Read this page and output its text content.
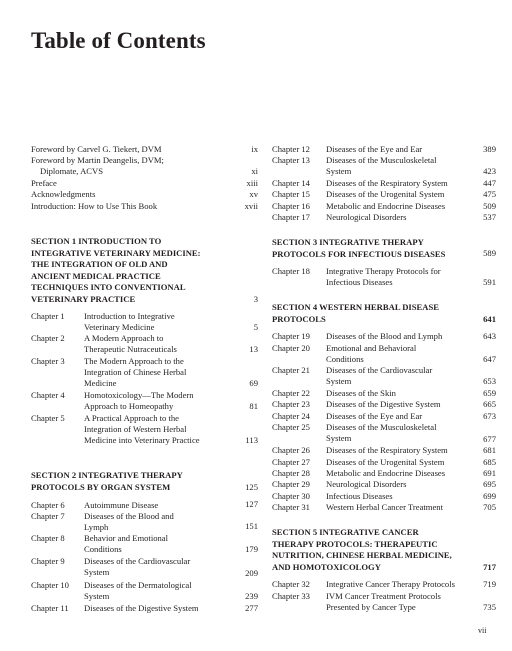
Table of Contents
Foreword by Carvel G. Tiekert, DVM	ix
Foreword by Martin Deangelis, DVM;
Diplomate, ACVS	xi
Preface	xiii
Acknowledgments	xv
Introduction: How to Use This Book	xvii
SECTION 1 INTRODUCTION TO
INTEGRATIVE VETERINARY MEDICINE:
THE INTEGRATION OF OLD AND
ANCIENT MEDICAL PRACTICE
TECHNIQUES INTO CONVENTIONAL
VETERINARY PRACTICE	3
Chapter 1 Introduction to Integrative
Veterinary Medicine	5
Chapter 2 A Modern Approach to
Therapeutic Nutraceuticals	13
Chapter 3 The Modern Approach to the
Integration of Chinese Herbal
Medicine	69
Chapter 4 Homotoxicology—The Modern
Approach to Homeopathy	81
Chapter 5 A Practical Approach to the
Integration of Western Herbal
Medicine into Veterinary Practice	113
SECTION 2 INTEGRATIVE THERAPY
PROTOCOLS BY ORGAN SYSTEM	125
Chapter 6 Autoimmune Disease	127
Chapter 7 Diseases of the Blood and
Lymph	151
Chapter 8 Behavior and Emotional
Conditions	179
Chapter 9 Diseases of the Cardiovascular
System	209
Chapter 10 Diseases of the Dermatological
System	239
Chapter 11 Diseases of the Digestive System	277
Chapter 12 Diseases of the Eye and Ear	389
Chapter 13 Diseases of the Musculoskeletal
System	423
Chapter 14 Diseases of the Respiratory System	447
Chapter 15 Diseases of the Urogenital System	475
Chapter 16 Metabolic and Endocrine Diseases	509
Chapter 17 Neurological Disorders	537
SECTION 3 INTEGRATIVE THERAPY
PROTOCOLS FOR INFECTIOUS DISEASES	589
Chapter 18 Integrative Therapy Protocols for
Infectious Diseases	591
SECTION 4 WESTERN HERBAL DISEASE
PROTOCOLS	641
Chapter 19 Diseases of the Blood and Lymph	643
Chapter 20 Emotional and Behavioral
Conditions	647
Chapter 21 Diseases of the Cardiovascular
System	653
Chapter 22 Diseases of the Skin	659
Chapter 23 Diseases of the Digestive System	665
Chapter 24 Diseases of the Eye and Ear	673
Chapter 25 Diseases of the Musculoskeletal
System	677
Chapter 26 Diseases of the Respiratory System	681
Chapter 27 Diseases of the Urogenital System	685
Chapter 28 Metabolic and Endocrine Diseases	691
Chapter 29 Neurological Disorders	695
Chapter 30 Infectious Diseases	699
Chapter 31 Western Herbal Cancer Treatment	705
SECTION 5 INTEGRATIVE CANCER
THERAPY PROTOCOLS: THERAPEUTIC
NUTRITION, CHINESE HERBAL MEDICINE,
AND HOMOTOXICOLOGY	717
Chapter 32 Integrative Cancer Therapy Protocols	719
Chapter 33 IVM Cancer Treatment Protocols
Presented by Cancer Type	735
vii
